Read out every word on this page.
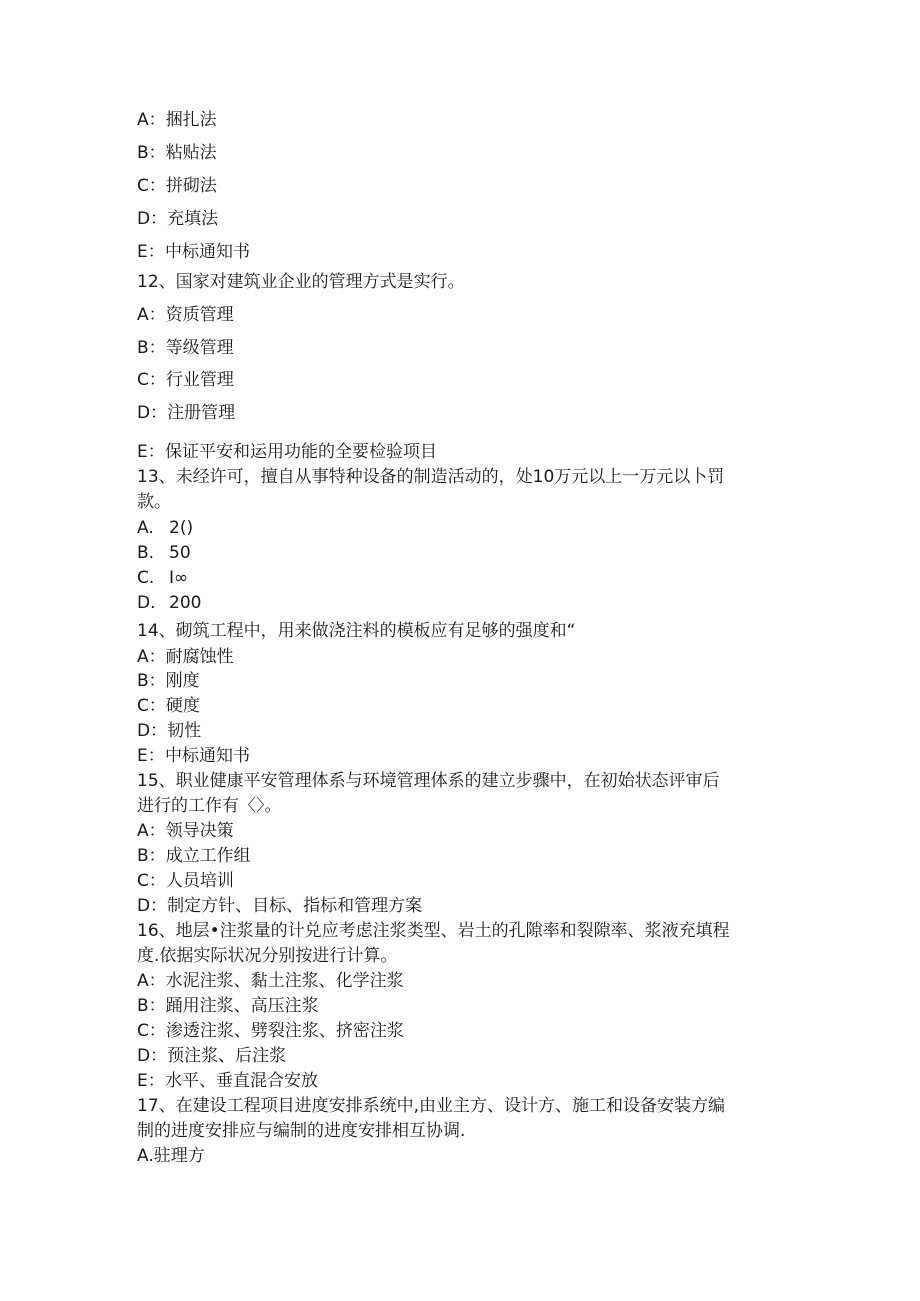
A：捆扎法

B：粘贴法

C：拼砌法

D：充填法

E：中标通知书

12、国家对建筑业企业的管理方式是实行。

A：资质管理

B：等级管理

C：行业管理

D：注册管理

E：保证平安和运用功能的全要检验项目

13、未经许可，擅自从事特种设备的制造活动的，处10万元以上一万元以卜罚

款。

A. 2()

B. 50

C. I∞

D. 200

14、砌筑工程中，用来做浇注料的模板应有足够的强度和“

A：耐腐蚀性

B：刚度

C：硬度

D：韧性

E：中标通知书

15、职业健康平安管理体系与环境管理体系的建立步骤中，在初始状态评审后

进行的工作有〈〉。

A：领导决策

B：成立工作组

C：人员培训

D：制定方针、目标、指标和管理方案

16、地层•注浆量的计兑应考虑注浆类型、岩土的孔隙率和裂隙率、浆液充填程

度.依据实际状况分别按进行计算。

A：水泥注浆、黏土注浆、化学注浆

B：踊用注浆、高压注浆

C：渗透注浆、劈裂注浆、挤密注浆

D：预注浆、后注浆

E：水平、垂直混合安放

17、在建设工程项目进度安排系统中,由业主方、设计方、施工和设备安装方编

制的进度安排应与编制的进度安排相互协调.

A.驻理方
